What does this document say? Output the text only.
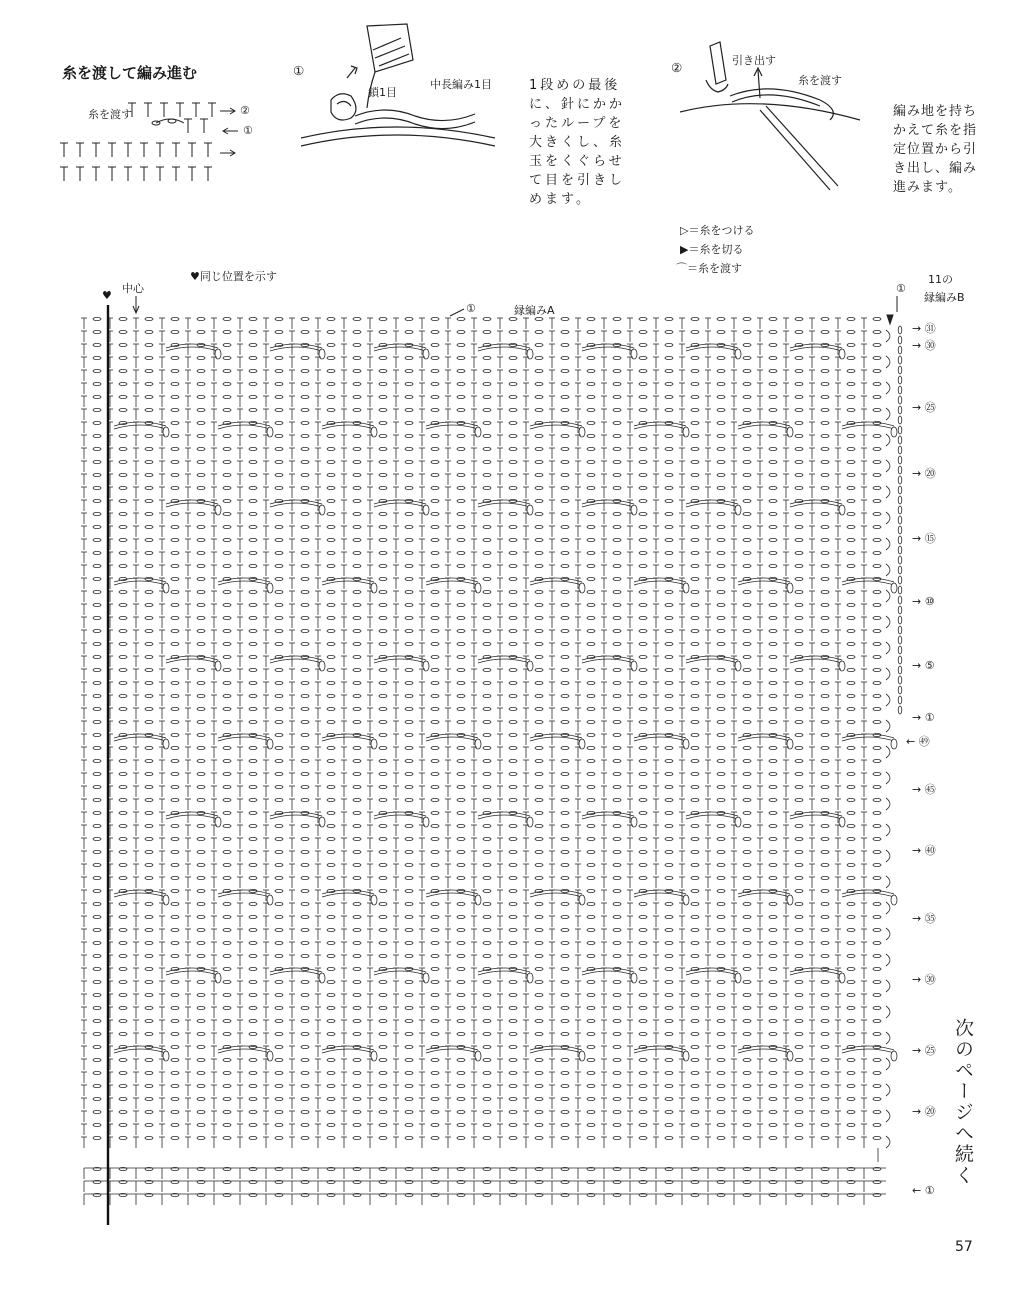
糸を渡して編み進む
糸を渡す	②
①
①
鎖1目
中長編み1目	1段めの最後
に、針にかか
ったループを
大きくし、糸
玉をくぐらせ
て目を引きし
めます。
②	引き出す
糸を渡す
編み地を持ち
かえて糸を指
定位置から引
き出し、編み
進みます。
▷＝糸をつける
▶＝糸を切る
⌒＝糸を渡す
♥同じ位置を示す
♥
中心
①	縁編みA
①
11の
縁編みB
次のページへ続く
→ ㉛
→ ㉚
→ ㉕
→ ⑳
→ ⑮
→ ⑩
→ ⑤
→ ①
← ㊾
→ ㊺
→ ㊵
→ ㉟
→ ㉚
→ ㉕
→ ⑳
← ①
57
